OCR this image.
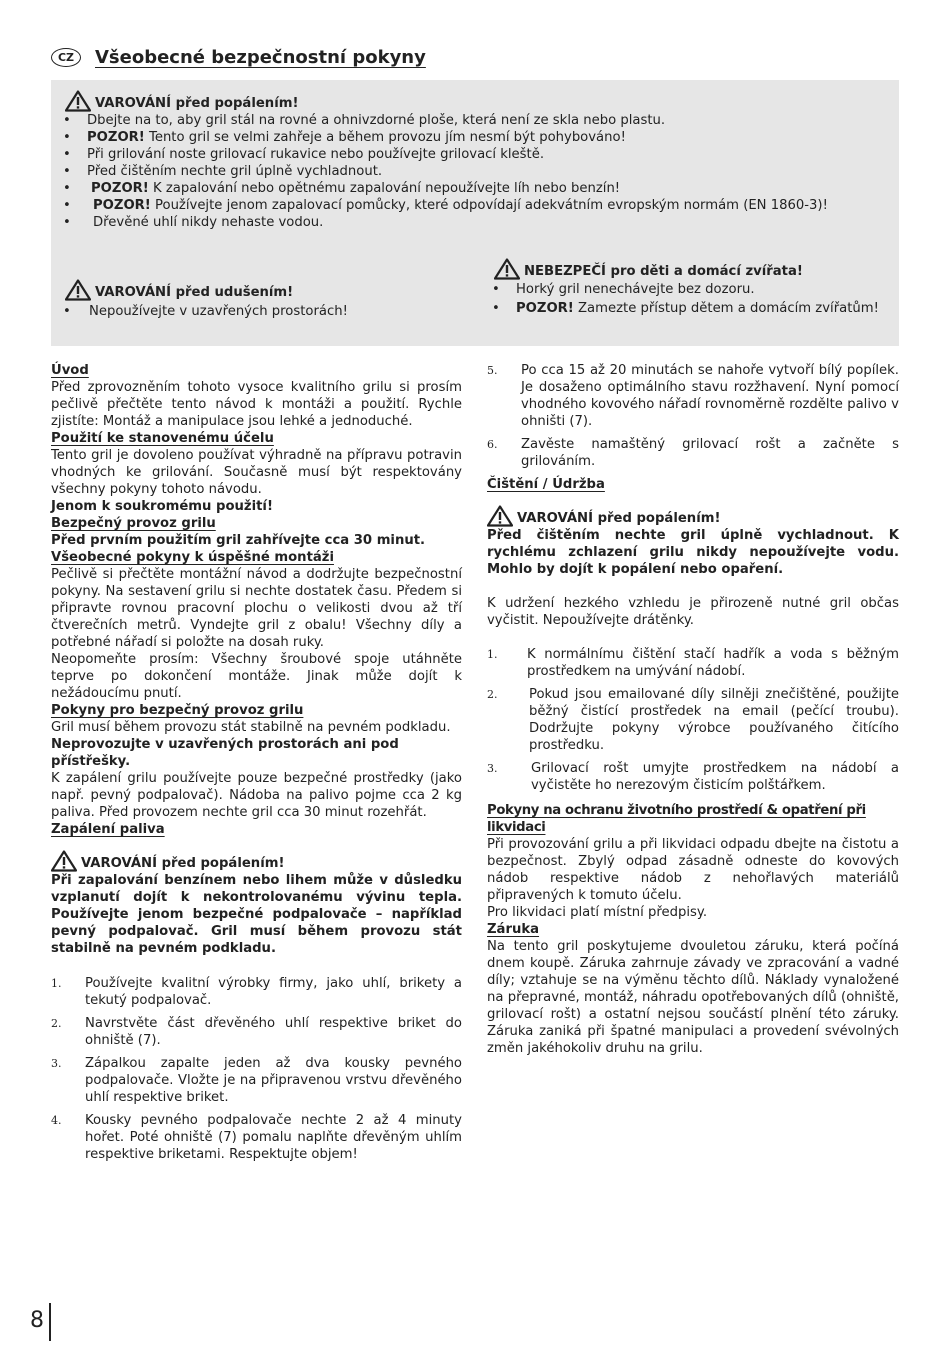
CZ	Všeobecné bezpečnostní pokyny
VAROVÁNÍ před popálením!
• Dbejte na to, aby gril stál na rovné a ohnivzdorné ploše, která není ze skla nebo plastu.
• POZOR! Tento gril se velmi zahřeje a během provozu jím nesmí být pohybováno!
• Při grilování noste grilovací rukavice nebo používejte grilovací kleště.
• Před čištěním nechte gril úplně vychladnout.
• POZOR! K zapalování nebo opětnému zapalování nepoužívejte líh nebo benzín!
• POZOR! Používejte jenom zapalovací pomůcky, které odpovídají adekvátním evropským normám (EN 1860-3)!
• Dřevěné uhlí nikdy nehaste vodou.
VAROVÁNÍ před udušením!
• Nepoužívejte v uzavřených prostorách!
NEBEZPEČÍ pro děti a domácí zvířata!
• Horký gril nenechávejte bez dozoru.
• POZOR! Zamezte přístup dětem a domácím zvířatům!

Úvod

Před zprovozněním tohoto vysoce kvalitního grilu si prosím pečlivě přečtěte tento návod k montáži a použití. Rychle zjistíte: Montáž a manipulace jsou lehké a jednoduché.

Použití ke stanovenému účelu

Tento gril je dovoleno používat výhradně na přípravu potravin vhodných ke grilování. Současně musí být respektovány všechny pokyny tohoto návodu.

Jenom k soukromému použití!

Bezpečný provoz grilu

Před prvním použitím gril zahřívejte cca 30 minut.

Všeobecné pokyny k úspěšné montáži

Pečlivě si přečtěte montážní návod a dodržujte bezpečnostní pokyny. Na sestavení grilu si nechte dostatek času. Předem si připravte rovnou pracovní plochu o velikosti dvou až tří čtverečních metrů. Vyndejte gril z obalu! Všechny díly a potřebné nářadí si položte na dosah ruky.

Neopomeňte prosím: Všechny šroubové spoje utáhněte teprve po dokončení montáže. Jinak může dojít k nežádoucímu pnutí.

Pokyny pro bezpečný provoz grilu

Gril musí během provozu stát stabilně na pevném podkladu.

Neprovozujte v uzavřených prostorách ani pod přístřešky.

K zapálení grilu používejte pouze bezpečné prostředky (jako např. pevný podpalovač). Nádoba na palivo pojme cca 2 kg paliva. Před provozem nechte gril cca 30 minut rozehřát.

Zapálení paliva

VAROVÁNÍ před popálením!

Při zapalování benzínem nebo lihem může v důsledku vzplanutí dojít k nekontrolovanému vývinu tepla. Používejte jenom bezpečné podpalovače – například pevný podpalovač. Gril musí během provozu stát stabilně na pevném podkladu.

1. Používejte kvalitní výrobky firmy, jako uhlí, brikety a tekutý podpalovač.
2. Navrstvěte část dřevěného uhlí respektive briket do ohniště (7).
3. Zápalkou zapalte jeden až dva kousky pevného podpalovače. Vložte je na připravenou vrstvu dřevěného uhlí respektive briket.
4. Kousky pevného podpalovače nechte 2 až 4 minuty hořet. Poté ohniště (7) pomalu naplňte dřevěným uhlím respektive briketami. Respektujte objem!
5. Po cca 15 až 20 minutách se nahoře vytvoří bílý popílek. Je dosaženo optimálního stavu rozžhavení. Nyní pomocí vhodného kovového nářadí rovnoměrně rozdělte palivo v ohništi (7).
6. Zavěste namaštěný grilovací rošt a začněte s grilováním.

Čištění / Údržba

VAROVÁNÍ před popálením!

Před čištěním nechte gril úplně vychladnout. K rychlému zchlazení grilu nikdy nepoužívejte vodu. Mohlo by dojít k popálení nebo opaření.

K udržení hezkého vzhledu je přirozeně nutné gril občas vyčistit. Nepoužívejte drátěnky.

1. K normálnímu čištění stačí hadřík a voda s běžným prostředkem na umývání nádobí.
2. Pokud jsou emailované díly silněji znečištěné, použijte běžný čistící prostředek na email (pečící troubu). Dodržujte pokyny výrobce používaného čitícího prostředku.
3.	Grilovací rošt umyjte prostředkem na nádobí a vyčistěte ho nerezovým čisticím polštářkem.

Pokyny na ochranu životního prostředí & opatření při likvidaci

Při provozování grilu a při likvidaci odpadu dbejte na čistotu a bezpečnost. Zbylý odpad zásadně odneste do kovových nádob respektive nádob z nehořlavých materiálů připravených k tomuto účelu.

Pro likvidaci platí místní předpisy.

Záruka

Na tento gril poskytujeme dvouletou záruku, která počíná dnem koupě. Záruka zahrnuje závady ve zpracování a vadné díly; vztahuje se na výměnu těchto dílů. Náklady vynaložené na přepravné, montáž, náhradu opotřebovaných dílů (ohniště, grilovací rošt) a ostatní nejsou součástí plnění této záruky. Záruka zaniká při špatné manipulaci a provedení svévolných změn jakéhokoliv druhu na grilu.

8
